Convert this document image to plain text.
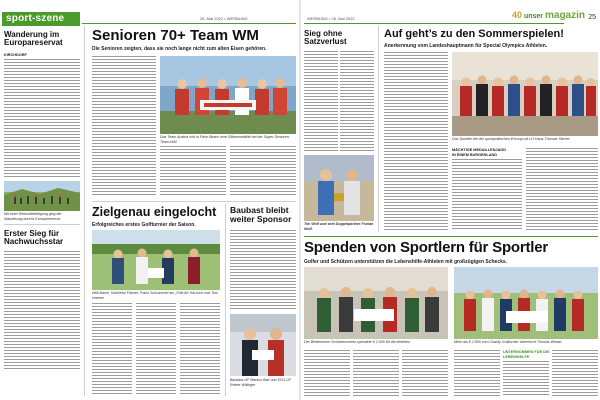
sport-szene	26. Mai 2022 • WERBUNG
Wanderung im Europareservat
KIRCHDORF
Mit einer Rekordbeteiligung ging die Wanderung durchs Europareservat
Erster Sieg für Nachwuchsstar
Senioren 70+ Team WM
Die Senioren zeigten, dass sie noch lange nicht zum alten Eisen gehören.
Das Team Austria holt in Palm Beach eine Silbermedaille bei der Super-Senioren-Team-WM.
Zielgenau eingelocht
Erfolgreiches erstes Golfturnier der Saison.
Willi Bauer, Karlheinz Falmer, Franz Schrammel am „Fritz für Hat-trick und Toni Hartner
Baubast bleibt weiter Sponsor
Baubast-GF Markus Bair und SVG-GF Reiner Willinger
WERBUNG • 26. Mai 2022	40 unser magazin 25
Sieg ohne Satzverlust
Tim Wolf und sein Doppelpartner Florian Wolf.
Auf geht’s zu den Sommerspielen!
Anerkennung vom Landeshauptmann für Special Olympics Athleten.
Das Sportler bei der sportpolitischen Ehrung mit LH Hans-Thomas Sticher
MÄCHTIGE MEDAILLENJAGD
IN EINEM BURGENLAND
Spenden von Sportlern für Sportler
Golfer und Schützen unterstützen die Lebenshilfe-Athleten mit großzügigen Schecks.
Der Biedermeier Schützenverein spendete € 2.000 für die Athleten.	Mehr als € 2.800 vom Charity Golfturnier überreicht Thomas Wiesin.
UNTERNOMMEN FÜR DIE
LEBENSHILFE
